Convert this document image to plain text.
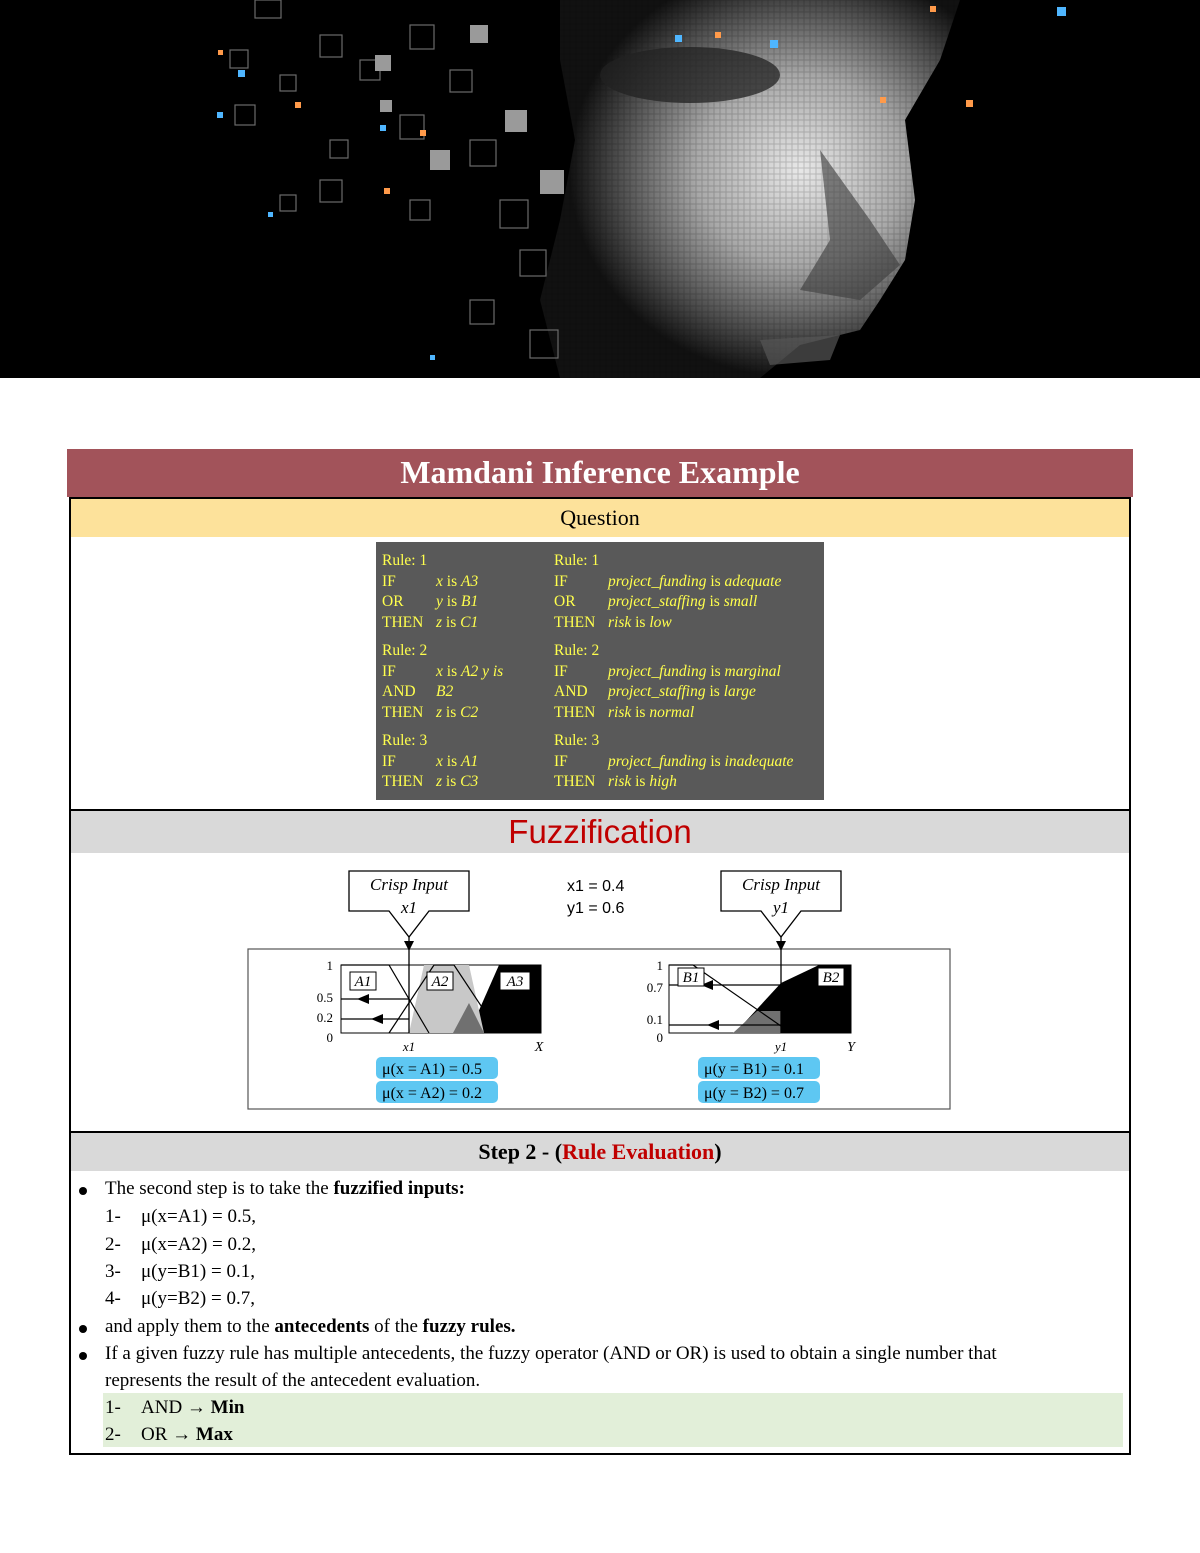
Mamdani Inference Example
Question
Rule: 1
IF	x is A3
OR y is B1
THEN z is C1
Rule: 2
IF	x is A2 y is
AND B2
THEN z is C2
Rule: 3
IF	x is A1
THEN z is C3
Rule: 1
IF	project_funding is adequate
OR project_staffing is small
THEN risk is low
Rule: 2
IF	project_funding is marginal
AND project_staffing is large
THEN risk is normal
Rule: 3
IF	project_funding is inadequate
THEN risk is high
Fuzzification
Crisp Input
x1
Crisp Input
y1
x1 = 0.4
y1 = 0.6
A1	A2	A3
1
0.5
0.2
0
x1	X
B1	B2
1
0.7
0.1
0
y1	Y
μ(x = A1) = 0.5
μ(x = A2) = 0.2
μ(y = B1) = 0.1
μ(y = B2) = 0.7
Step 2 - (Rule Evaluation)
The second step is to take the fuzzified inputs:
1- μ(x=A1) = 0.5,
2- μ(x=A2) = 0.2,
3- μ(y=B1) = 0.1,
4- μ(y=B2) = 0.7,
and apply them to the antecedents of the fuzzy rules.
If a given fuzzy rule has multiple antecedents, the fuzzy operator (AND or OR) is used to obtain a single number that
represents the result of the antecedent evaluation.
1- AND → Min
2- OR → Max
